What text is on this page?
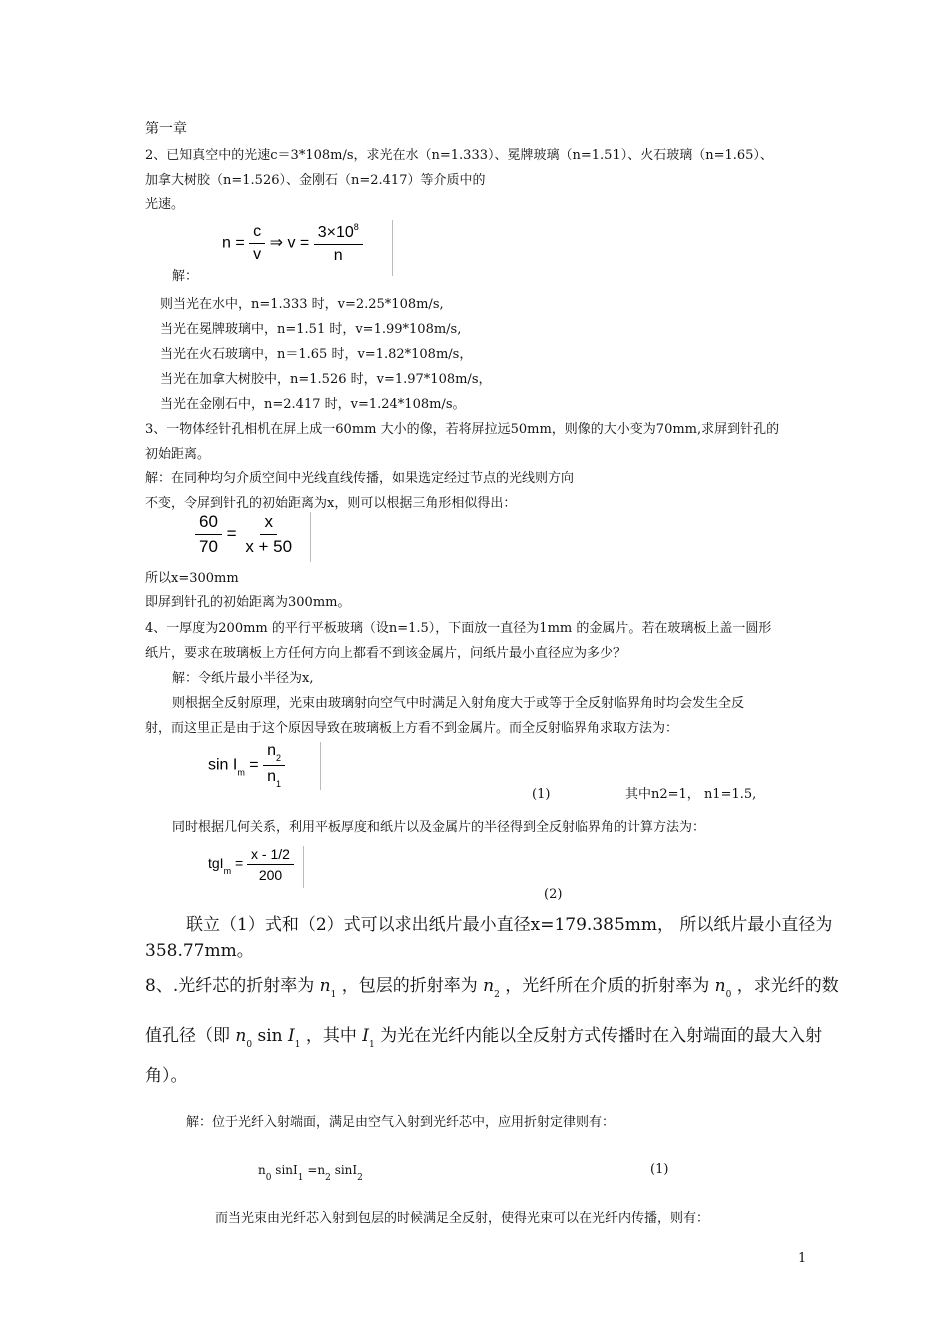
第一章
2、已知真空中的光速c＝3*108m/s，求光在水（n=1.333）、冕牌玻璃（n=1.51）、火石玻璃（n=1.65）、
加拿大树胶（n=1.526）、金刚石（n=2.417）等介质中的
光速。
$n = \frac{c}{v}$ ⇒ $v = \frac{3\times 10^8}{n}$
解：
则当光在水中，n=1.333 时，v=2.25*108m/s,
当光在冕牌玻璃中，n=1.51 时，v=1.99*108m/s,
当光在火石玻璃中，n＝1.65 时，v=1.82*108m/s，
当光在加拿大树胶中，n=1.526 时，v=1.97*108m/s，
当光在金刚石中，n=2.417 时，v=1.24*108m/s。
3、一物体经针孔相机在屏上成一60mm 大小的像，若将屏拉远50mm，则像的大小变为70mm,求屏到针孔的
初始距离。
解：在同种均匀介质空间中光线直线传播，如果选定经过节点的光线则方向
不变，令屏到针孔的初始距离为x，则可以根据三角形相似得出：
$\frac{60}{70} = \frac{x}{x + 50}$
所以x=300mm
即屏到针孔的初始距离为300mm。
4、一厚度为200mm 的平行平板玻璃（设n=1.5），下面放一直径为1mm 的金属片。若在玻璃板上盖一圆形
纸片，要求在玻璃板上方任何方向上都看不到该金属片，问纸片最小直径应为多少？
解：令纸片最小半径为x,
则根据全反射原理，光束由玻璃射向空气中时满足入射角度大于或等于全反射临界角时均会发生全反
射，而这里正是由于这个原因导致在玻璃板上方看不到金属片。而全反射临界角求取方法为：
$\sin I_m = \frac{n_2}{n_1}$
(1)	其中n2=1， n1=1.5,
同时根据几何关系，利用平板厚度和纸片以及金属片的半径得到全反射临界角的计算方法为：
$tgI_m = \frac{x - 1/2}{200}$
(2)
联立（1）式和（2）式可以求出纸片最小直径x=179.385mm， 所以纸片最小直径为
358.77mm。
8、.光纤芯的折射率为 $n_1$ ，包层的折射率为 $n_2$ ，光纤所在介质的折射率为 $n_0$ ，求光纤的数
值孔径（即 $n_0$ $\sin I_1$ ，其中 $I_1$ 为光在光纤内能以全反射方式传播时在入射端面的最大入射
角）。
解：位于光纤入射端面，满足由空气入射到光纤芯中，应用折射定律则有：
$n_0$ $\sin I_1 =n_2$ sinI$_2$
(1)
而当光束由光纤芯入射到包层的时候满足全反射，使得光束可以在光纤内传播，则有：
1
